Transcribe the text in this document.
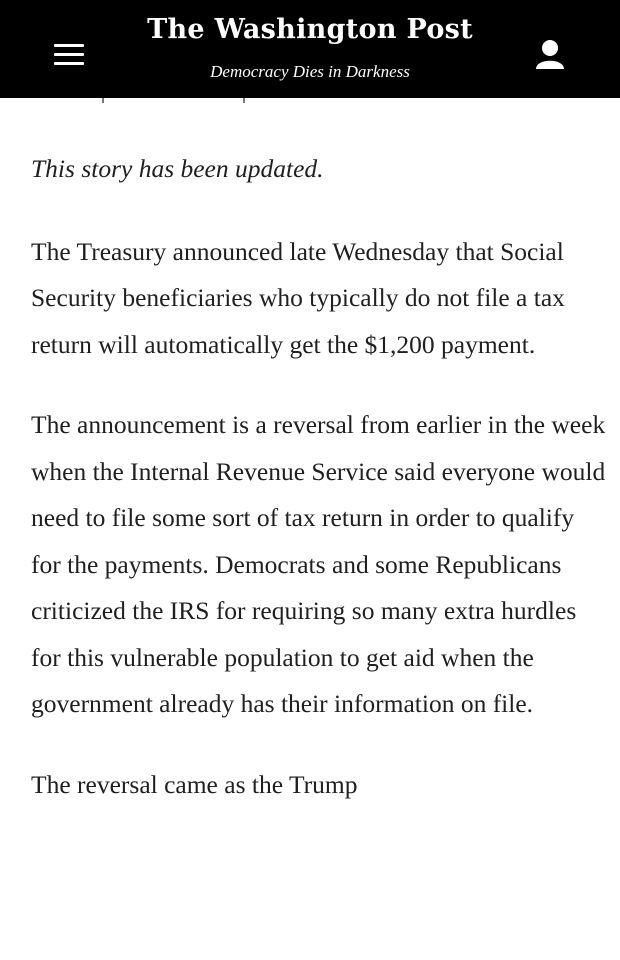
The Washington Post
Democracy Dies in Darkness

This story has been updated.

The Treasury announced late Wednesday that Social Security beneficiaries who typically do not file a tax return will automatically get the $1,200 payment.

The announcement is a reversal from earlier in the week when the Internal Revenue Service said everyone would need to file some sort of tax return in order to qualify for the payments. Democrats and some Republicans criticized the IRS for requiring so many extra hurdles for this vulnerable population to get aid when the government already has their information on file.

The reversal came as the Trump
